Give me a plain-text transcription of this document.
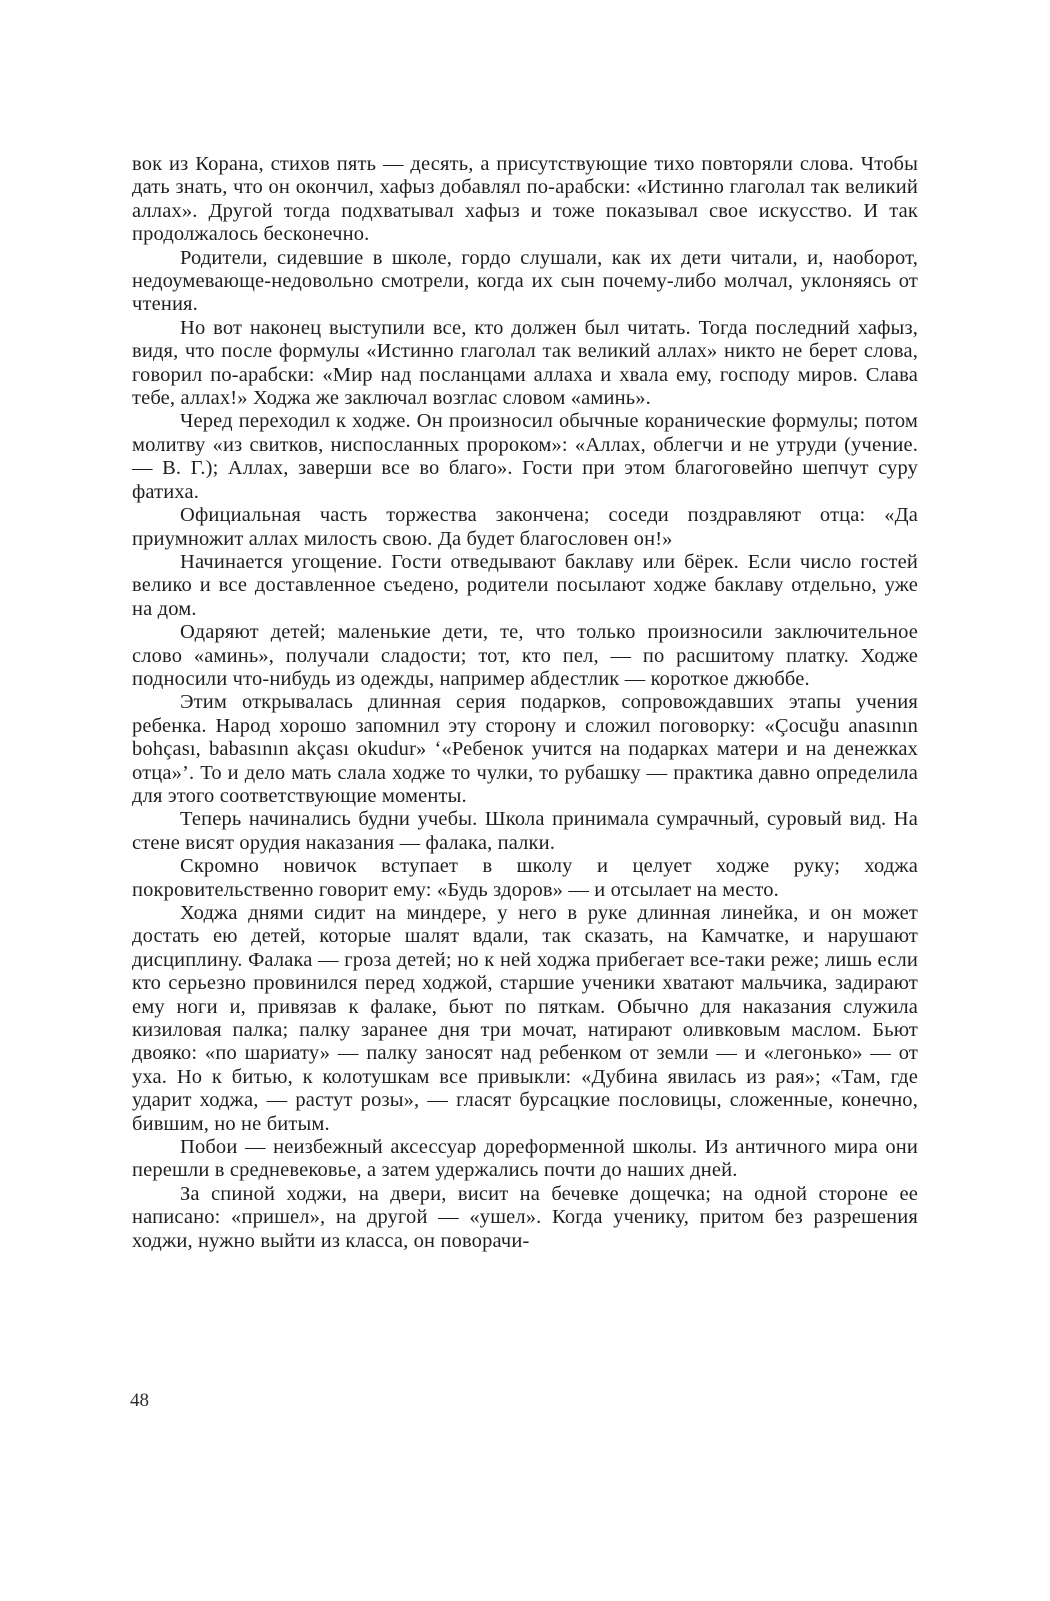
вок из Корана, стихов пять — десять, а присутствующие тихо повторяли слова. Чтобы дать знать, что он окончил, хафыз добавлял по-арабски: «Истинно глаголал так великий аллах». Другой тогда подхватывал хафыз и тоже показывал свое искусство. И так продолжалось бесконечно.

Родители, сидевшие в школе, гордо слушали, как их дети читали, и, наоборот, недоумевающе-недовольно смотрели, когда их сын почему-либо молчал, уклоняясь от чтения.

Но вот наконец выступили все, кто должен был читать. Тогда последний хафыз, видя, что после формулы «Истинно глаголал так великий аллах» никто не берет слова, говорил по-арабски: «Мир над посланцами аллаха и хвала ему, господу миров. Слава тебе, аллах!» Ходжа же заключал возглас словом «аминь».

Черед переходил к ходже. Он произносил обычные коранические формулы; потом молитву «из свитков, ниспосланных пророком»: «Аллах, облегчи и не утруди (учение. — В. Г.); Аллах, заверши все во благо». Гости при этом благоговейно шепчут суру фатиха.

Официальная часть торжества закончена; соседи поздравляют отца: «Да приумножит аллах милость свою. Да будет благословен он!»

Начинается угощение. Гости отведывают баклаву или бёрек. Если число гостей велико и все доставленное съедено, родители посылают ходже баклаву отдельно, уже на дом.

Одаряют детей; маленькие дети, те, что только произносили заключительное слово «аминь», получали сладости; тот, кто пел, — по расшитому платку. Ходже подносили что-нибудь из одежды, например абдестлик — короткое джюббе.

Этим открывалась длинная серия подарков, сопровождавших этапы учения ребенка. Народ хорошо запомнил эту сторону и сложил поговорку: «Çocuğu anasının bohçası, babasının akçası okudur» ‘«Ребенок учится на подарках матери и на денежках отца»’. То и дело мать слала ходже то чулки, то рубашку — практика давно определила для этого соответствующие моменты.

Теперь начинались будни учебы. Школа принимала сумрачный, суровый вид. На стене висят орудия наказания — фалака, палки.

Скромно новичок вступает в школу и целует ходже руку; ходжа покровительственно говорит ему: «Будь здоров» — и отсылает на место.

Ходжа днями сидит на миндере, у него в руке длинная линейка, и он может достать ею детей, которые шалят вдали, так сказать, на Камчатке, и нарушают дисциплину. Фалака — гроза детей; но к ней ходжа прибегает все-таки реже; лишь если кто серьезно провинился перед ходжой, старшие ученики хватают мальчика, задирают ему ноги и, привязав к фалаке, бьют по пяткам. Обычно для наказания служила кизиловая палка; палку заранее дня три мочат, натирают оливковым маслом. Бьют двояко: «по шариату» — палку заносят над ребенком от земли — и «легонько» — от уха. Но к битью, к колотушкам все привыкли: «Дубина явилась из рая»; «Там, где ударит ходжа, — растут розы», — гласят бурсацкие пословицы, сложенные, конечно, бившим, но не битым.

Побои — неизбежный аксессуар дореформенной школы. Из античного мира они перешли в средневековье, а затем удержались почти до наших дней.

За спиной ходжи, на двери, висит на бечевке дощечка; на одной стороне ее написано: «пришел», на другой — «ушел». Когда ученику, притом без разрешения ходжи, нужно выйти из класса, он поворачи-

48
